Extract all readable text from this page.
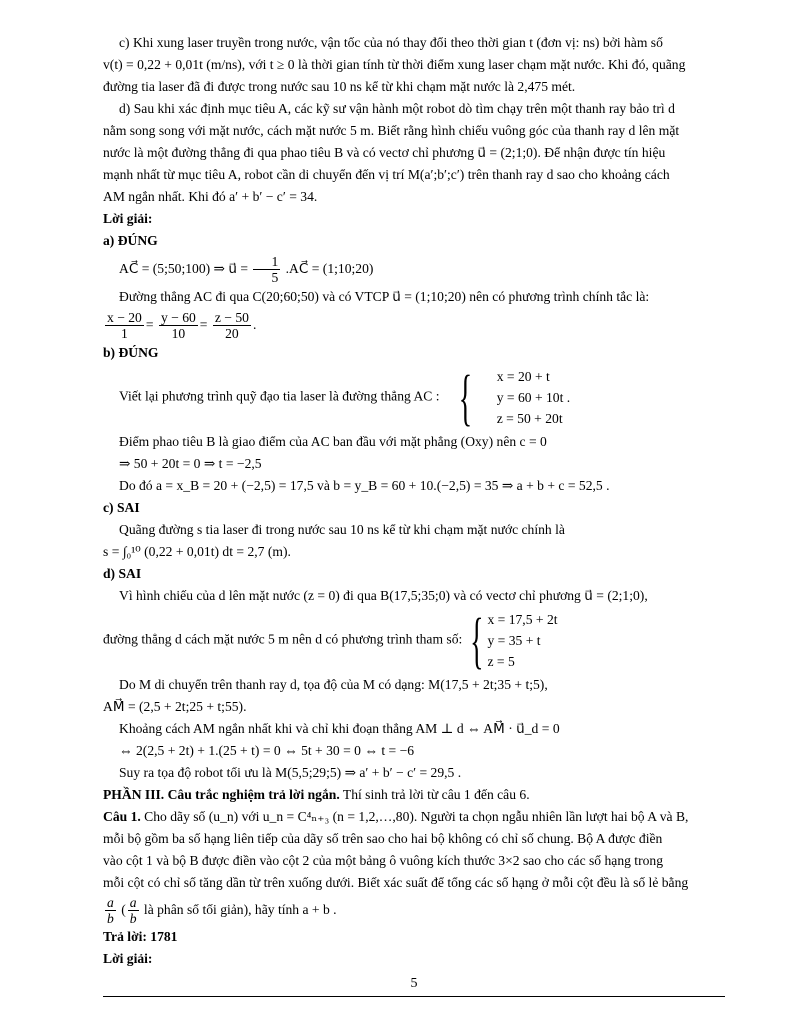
c) Khi xung laser truyền trong nước, vận tốc của nó thay đổi theo thời gian t (đơn vị: ns) bởi hàm số

v(t) = 0,22 + 0,01t (m/ns), với t ≥ 0 là thời gian tính từ thời điểm xung laser chạm mặt nước. Khi đó, quãng

đường tia laser đã đi được trong nước sau 10 ns kể từ khi chạm mặt nước là 2,475 mét.

d) Sau khi xác định mục tiêu A, các kỹ sư vận hành một robot dò tìm chạy trên một thanh ray bảo trì d

nằm song song với mặt nước, cách mặt nước 5 m. Biết rằng hình chiếu vuông góc của thanh ray d lên mặt

nước là một đường thẳng đi qua phao tiêu B và có vectơ chỉ phương u⃗ = (2;1;0). Để nhận được tín hiệu

mạnh nhất từ mục tiêu A, robot cần di chuyển đến vị trí M(a′;b′;c′) trên thanh ray d sao cho khoảng cách

AM ngắn nhất. Khi đó a′ + b′ − c′ = 34.

Lời giải:

a) ĐÚNG

AC⃗ = (5;50;100) ⇒ u⃗ = $\frac{1}{5}$ .AC⃗ = (1;10;20)

Đường thẳng AC đi qua C(20;60;50) và có VTCP u⃗ = (1;10;20) nên có phương trình chính tắc là:

$\frac{x - 20}{1} = \frac{y - 60}{10} = \frac{z - 50}{20}$ .

b) ĐÚNG

Viết lại phương trình quỹ đạo tia laser là đường thẳng AC : {	x = 20 + t
y = 60 + 10t .
z = 50 + 20t

Điểm phao tiêu B là giao điểm của AC ban đầu với mặt phẳng (Oxy) nên c = 0

⇒ 50 + 20t = 0 ⇒ t = −2,5

Do đó a = x_B = 20 + (−2,5) = 17,5 và b = y_B = 60 + 10.(−2,5) = 35 ⇒ a + b + c = 52,5 .

c) SAI

Quãng đường s tia laser đi trong nước sau 10 ns kể từ khi chạm mặt nước chính là

s = ∫₀¹⁰ (0,22 + 0,01t) dt = 2,7 (m).

d) SAI

Vì hình chiếu của d lên mặt nước (z = 0) đi qua B(17,5;35;0) và có vectơ chỉ phương u⃗ = (2;1;0),

đường thẳng d cách mặt nước 5 m nên d có phương trình tham số: { x = 17,5 + 2t
y = 35 + t
z = 5

Do M di chuyển trên thanh ray d, tọa độ của M có dạng: M(17,5 + 2t;35 + t;5),

AM⃗ = (2,5 + 2t;25 + t;55).

Khoảng cách AM ngắn nhất khi và chỉ khi đoạn thẳng AM ⊥ d ⇔ AM⃗ · u⃗_d = 0

⇔ 2(2,5 + 2t) + 1.(25 + t) = 0 ⇔ 5t + 30 = 0 ⇔ t = −6

Suy ra tọa độ robot tối ưu là M(5,5;29;5) ⇒ a′ + b′ − c′ = 29,5 .

PHẦN III. Câu trắc nghiệm trả lời ngắn. Thí sinh trả lời từ câu 1 đến câu 6.

Câu 1. Cho dãy số (u_n) với u_n = C⁴ₙ₊₃ (n = 1,2,…,80). Người ta chọn ngẫu nhiên lần lượt hai bộ A và B,

mỗi bộ gồm ba số hạng liên tiếp của dãy số trên sao cho hai bộ không có chỉ số chung. Bộ A được điền

vào cột 1 và bộ B được điền vào cột 2 của một bảng ô vuông kích thước 3×2 sao cho các số hạng trong

mỗi cột có chỉ số tăng dần từ trên xuống dưới. Biết xác suất để tổng các số hạng ở mỗi cột đều là số lẻ bằng

$\frac{a}{b}$ ( $\frac{a}{b}$ là phân số tối giản), hãy tính a + b .

Trả lời: 1781

Lời giải:

5
